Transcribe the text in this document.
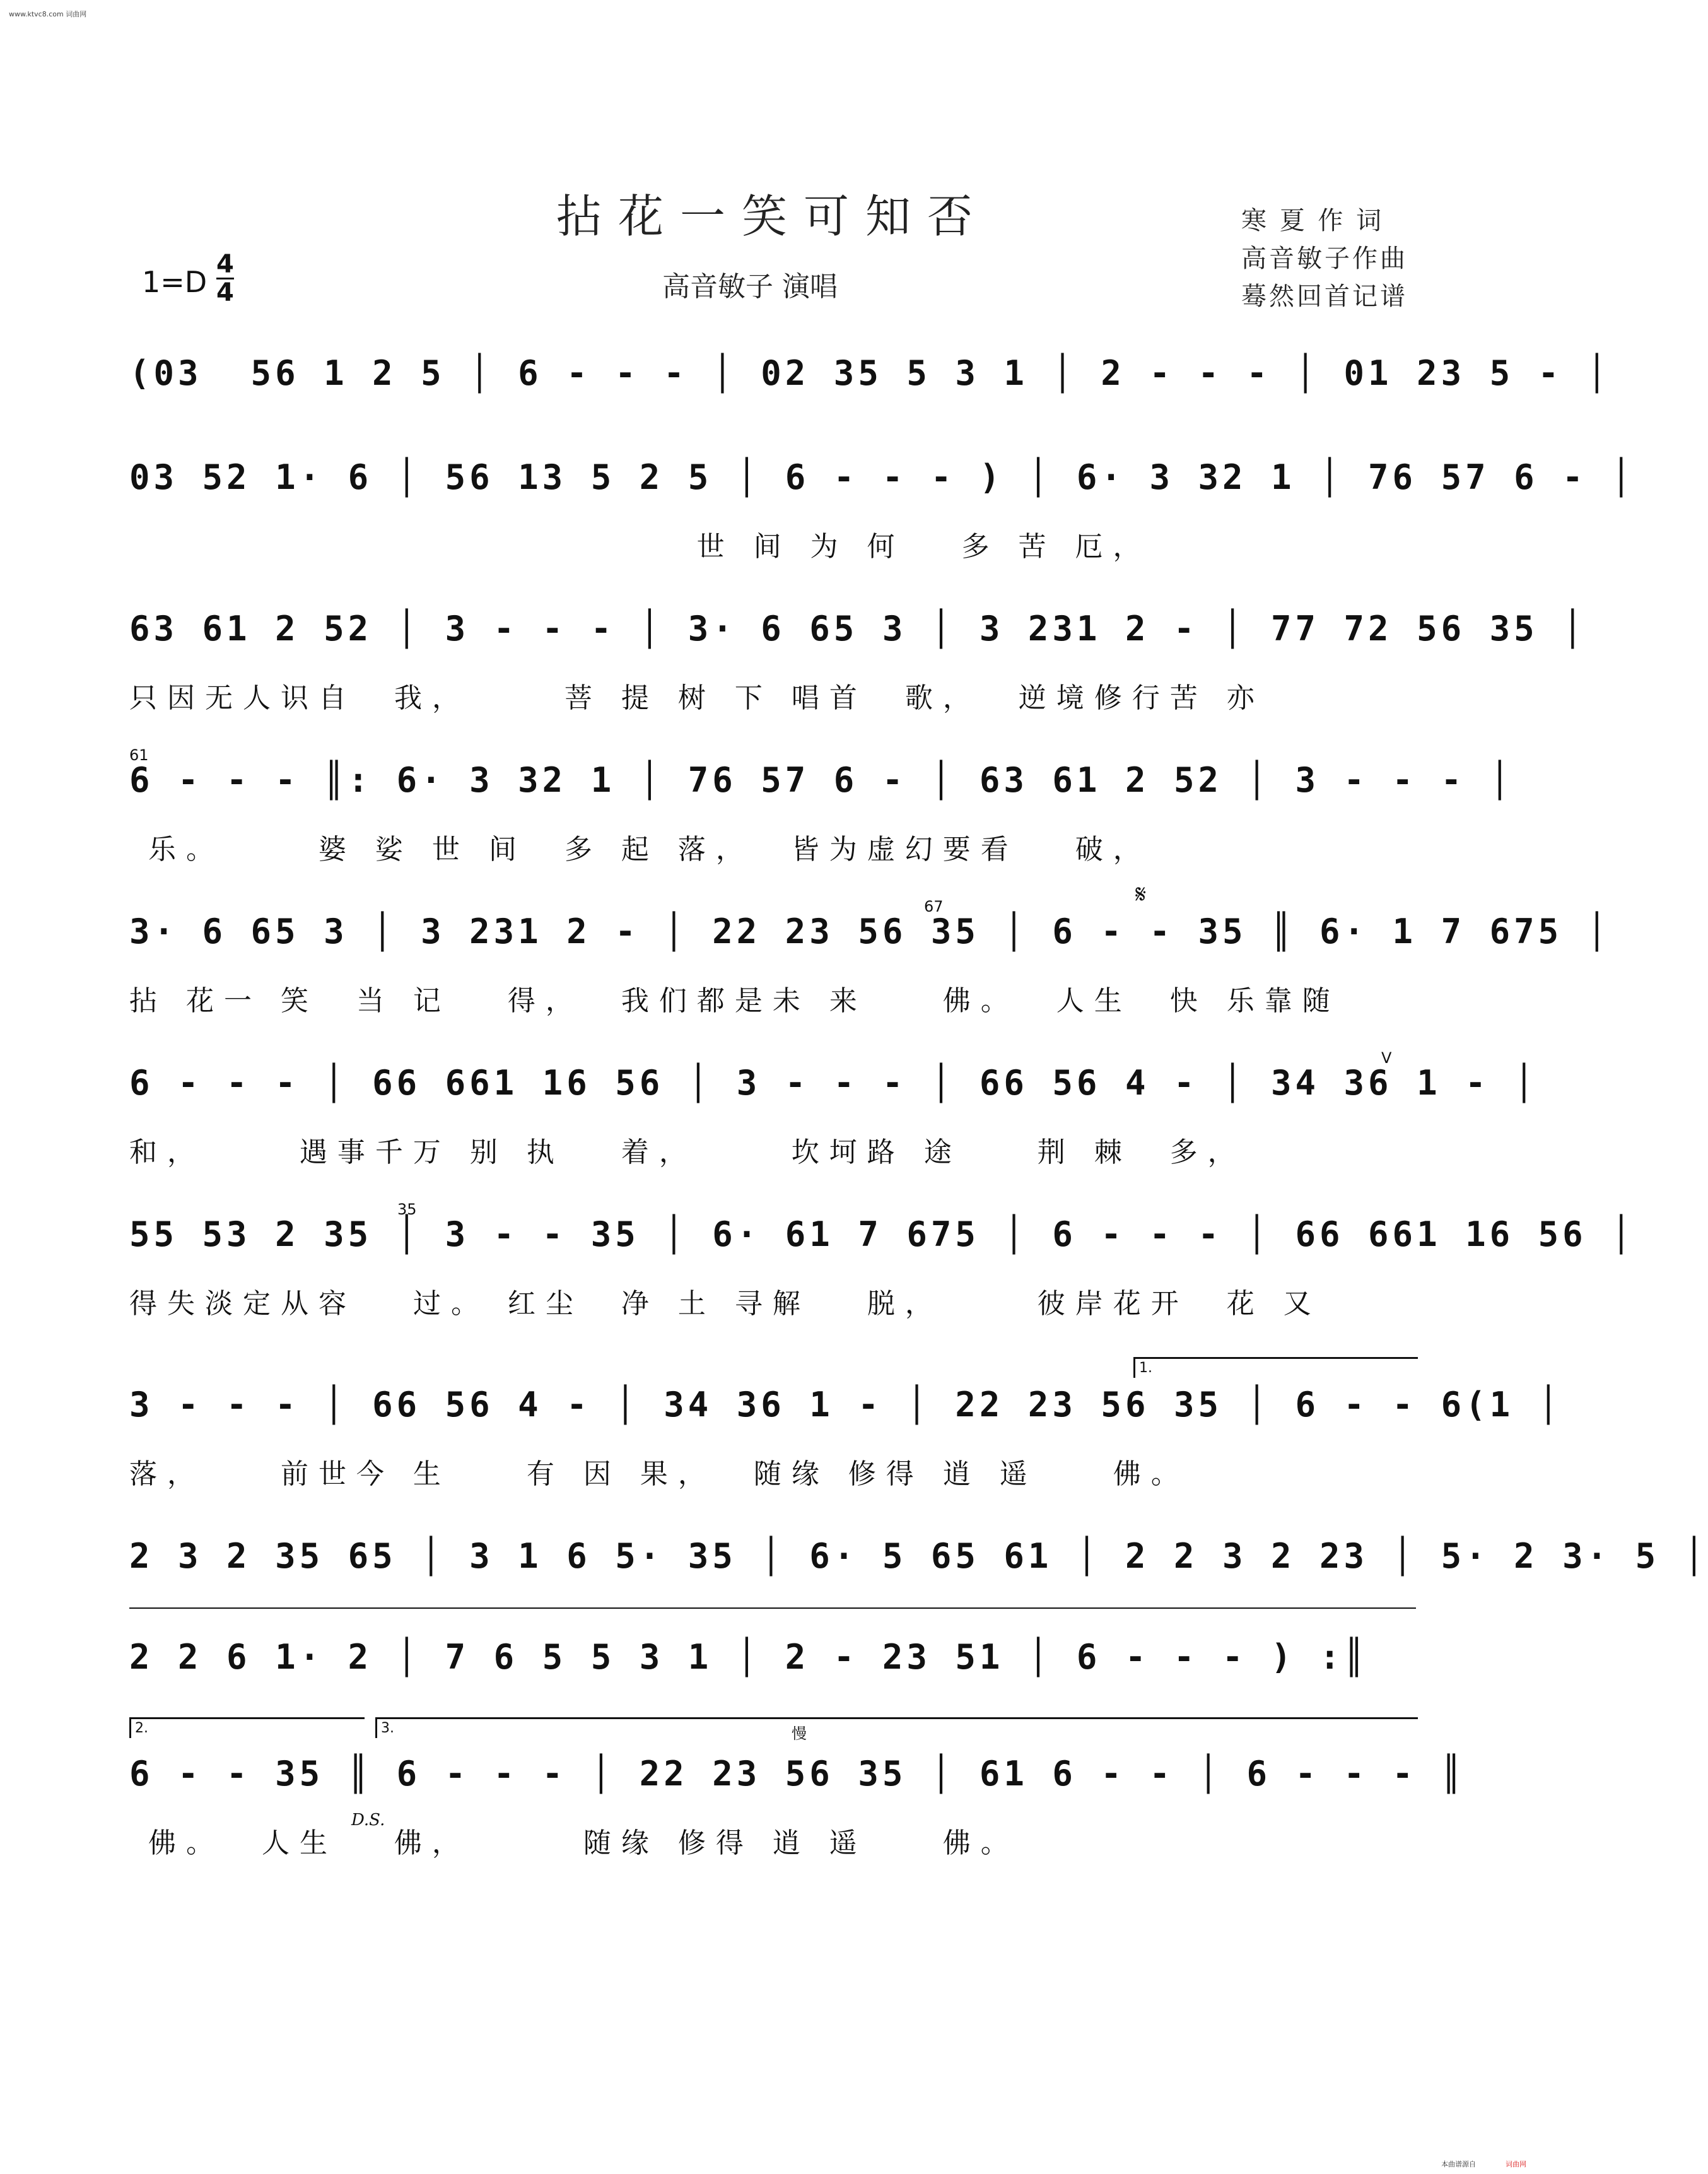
www.ktvc8.com 词曲网
拈花一笑可知否
高音敏子 演唱
寒 夏 作 词
高音敏子作曲
蓦然回首记谱
$1=D \frac{4}{4}$
(03  56 1 2 5 │ 6 - - - │ 02 35 5 3 1 │ 2 - - - │ 01 23 5 - │
03 52 1· 6 │ 56 13 5 2 5 │ 6 - - - ) │ 6· 3 32 1 │ 76 57 6 - │
世 间 为 何   多 苦 厄，
63 61 2 52 │ 3 - - - │ 3· 6 65 3 │ 3 231 2 - │ 77 72 56 35 │
只因无人识自  我，     菩 提 树 下 唱首  歌，  逆境修行苦 亦
61
6 - - - ║: 6· 3 32 1 │ 76 57 6 - │ 63 61 2 52 │ 3 - - - │
乐。     婆 娑 世 间  多 起 落，  皆为虚幻要看   破，
67	𝄋
3· 6 65 3 │ 3 231 2 - │ 22 23 56 35 │ 6 - - 35 ║ 6· 1 7 675 │
拈 花一 笑  当 记   得，  我们都是未 来    佛。  人生  快 乐靠随
V
6 - - - │ 66 661 16 56 │ 3 - - - │ 66 56 4 - │ 34 36 1 - │
和，     遇事千万 别 执   着，     坎坷路 途    荆 棘  多，
35
55 53 2 35 │ 3 - - 35 │ 6· 61 7 675 │ 6 - - - │ 66 661 16 56 │
得失淡定从容   过。 红尘  净 土 寻解   脱，     彼岸花开  花 又
1.
3 - - - │ 66 56 4 - │ 34 36 1 - │ 22 23 56 35 │ 6 - - 6(1 │
落，    前世今 生    有 因 果，  随缘 修得 逍 遥    佛。
2 3 2 35 65 │ 3 1 6 5· 35 │ 6· 5 65 61 │ 2 2 3 2 23 │ 5· 2 3· 5 │
2 2 6 1· 2 │ 7 6 5 5 3 1 │ 2 - 23 51 │ 6 - - - ) :║
2.	3.	慢
D.S.
6 - - 35 ║ 6 - - - │ 22 23 56 35 │ 61 6 - - │ 6 - - - ║
佛。  人生   佛，      随缘 修得 逍 遥    佛。
本曲谱源自	词曲网
